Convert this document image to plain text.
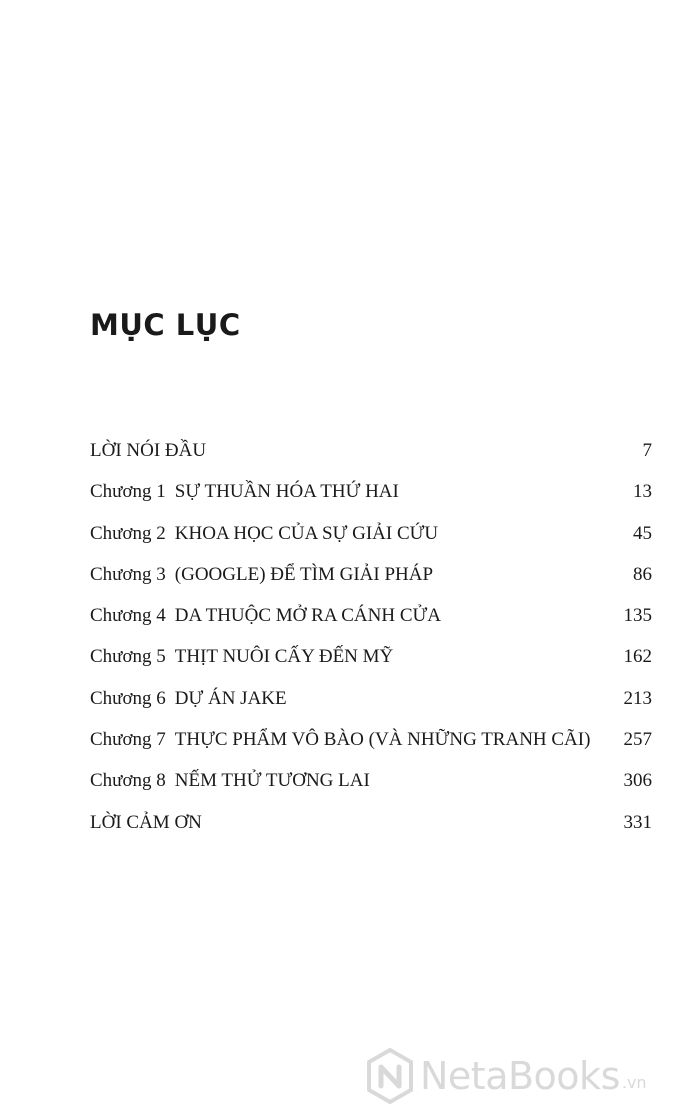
MỤC LỤC
LỜI NÓI ĐẦU	7
Chương 1 SỰ THUẦN HÓA THỨ HAI	13
Chương 2 KHOA HỌC CỦA SỰ GIẢI CỨU	45
Chương 3 (GOOGLE) ĐỂ TÌM GIẢI PHÁP	86
Chương 4 DA THUỘC MỞ RA CÁNH CỬA	135
Chương 5 THỊT NUÔI CẤY ĐẾN MỸ	162
Chương 6 DỰ ÁN JAKE	213
Chương 7 THỰC PHẨM VÔ BÀO (VÀ NHỮNG TRANH CÃI) 257
Chương 8 NẾM THỬ TƯƠNG LAI	306
LỜI CẢM ƠN	331
NetaBooks .vn
